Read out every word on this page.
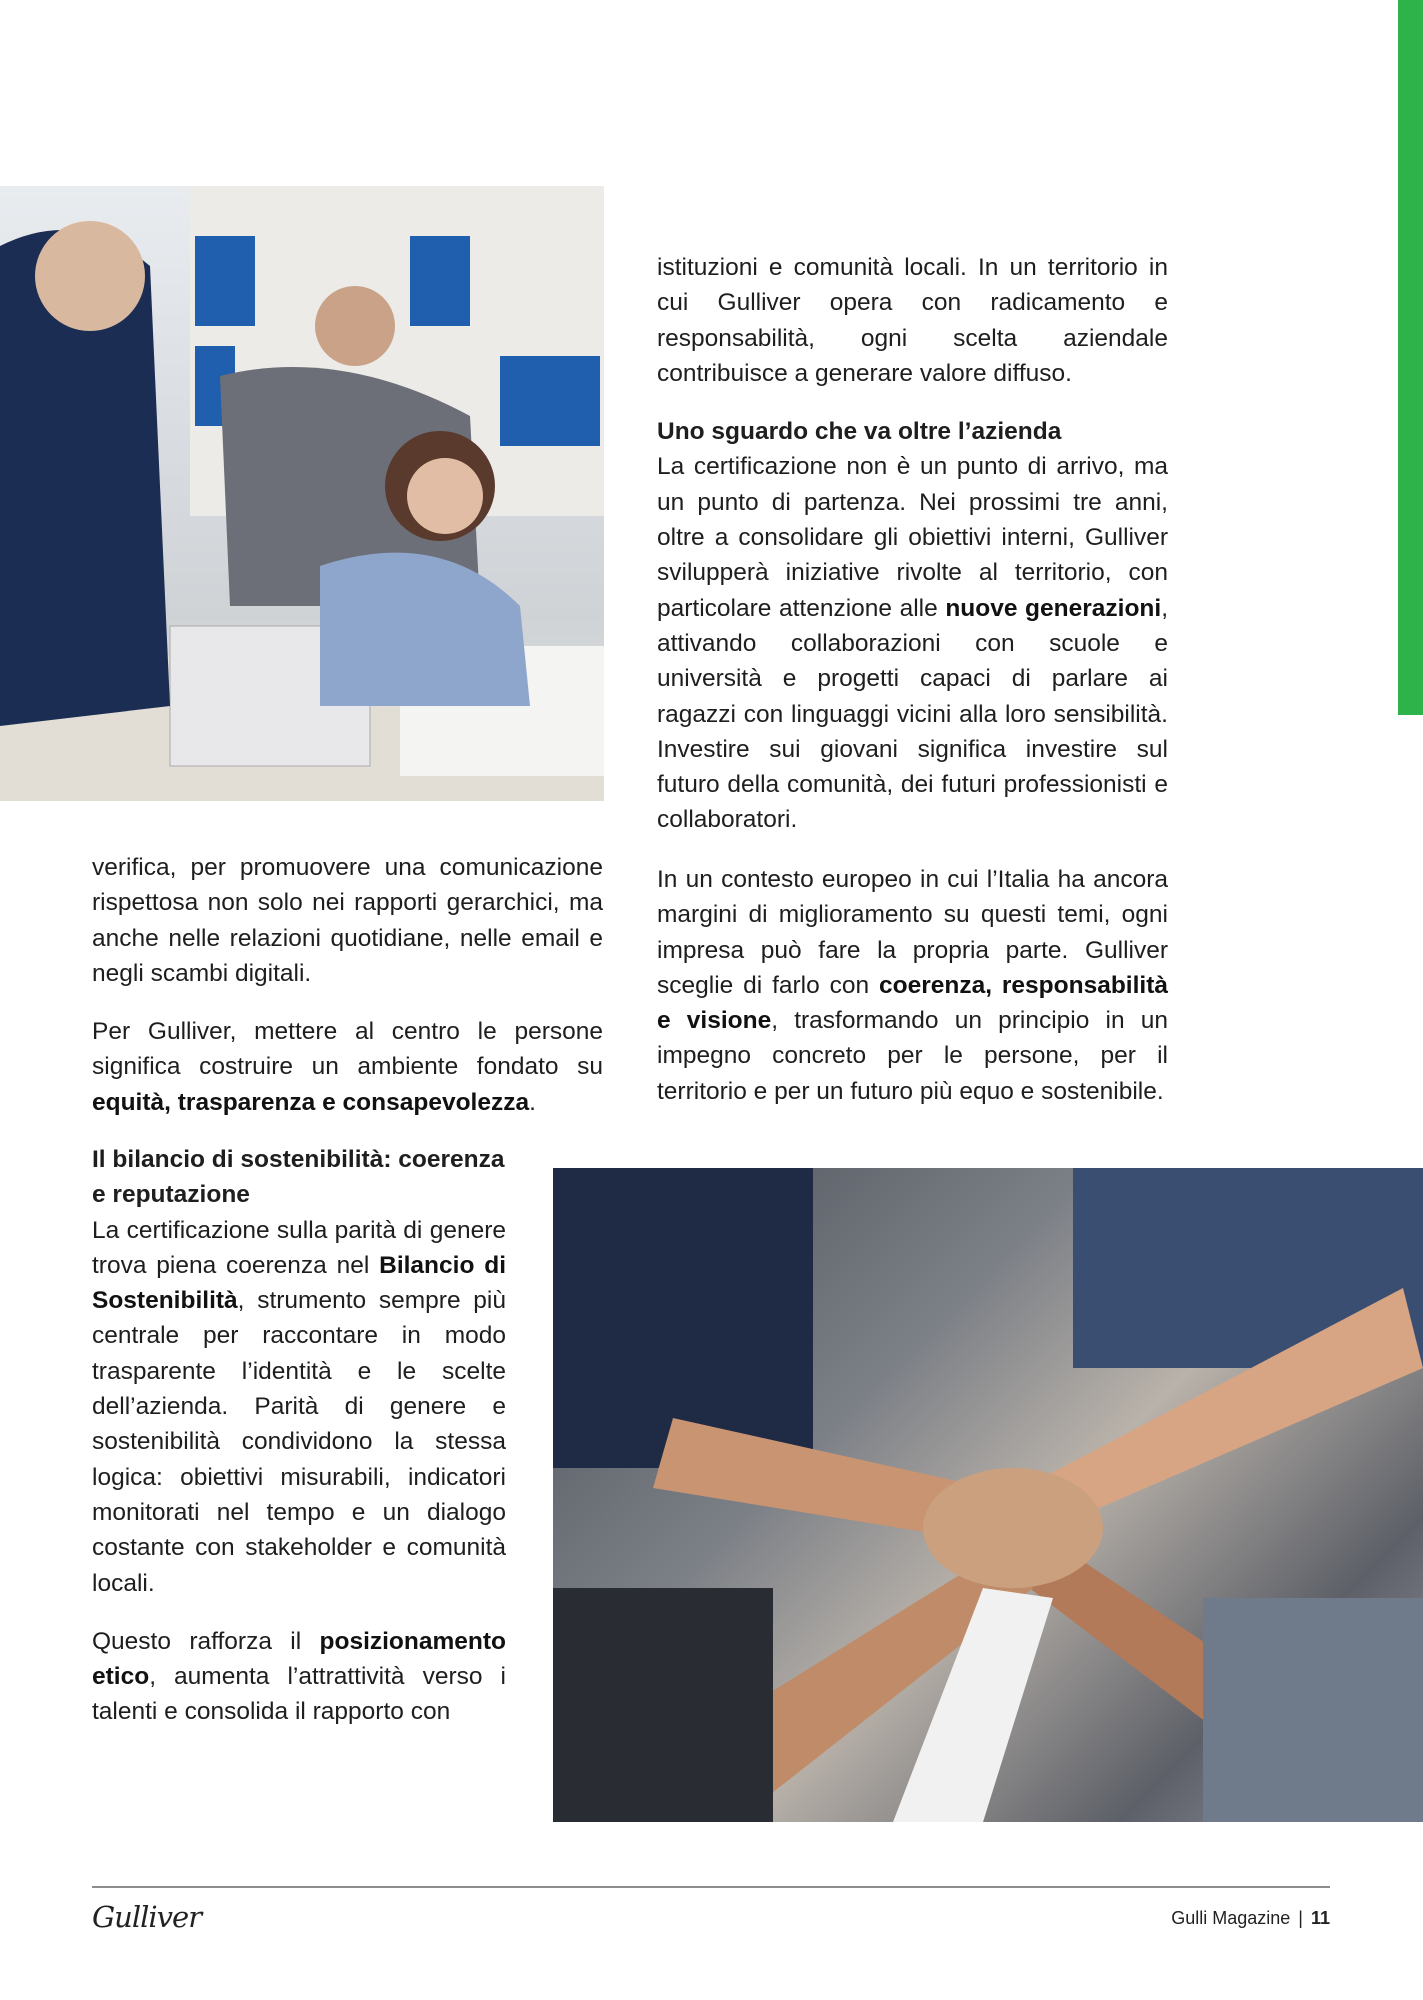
istituzioni e comunità locali. In un territorio in cui Gulliver opera con radicamento e responsabilità, ogni scelta aziendale contribuisce a generare valore diffuso.

Uno sguardo che va oltre l’azienda

La certificazione non è un punto di arrivo, ma un punto di partenza. Nei prossimi tre anni, oltre a consolidare gli obiettivi interni, Gulliver svilupperà iniziative rivolte al territorio, con particolare attenzione alle nuove generazioni, attivando collaborazioni con scuole e università e progetti capaci di parlare ai ragazzi con linguaggi vicini alla loro sensibilità. Investire sui giovani significa investire sul futuro della comunità, dei futuri professionisti e collaboratori.

In un contesto europeo in cui l’Italia ha ancora margini di miglioramento su questi temi, ogni impresa può fare la propria parte. Gulliver sceglie di farlo con coerenza, responsabilità e visione, trasformando un principio in un impegno concreto per le persone, per il territorio e per un futuro più equo e sostenibile.

verifica, per promuovere una comunicazione rispettosa non solo nei rapporti gerarchici, ma anche nelle relazioni quotidiane, nelle email e negli scambi digitali.

Per Gulliver, mettere al centro le persone significa costruire un ambiente fondato su equità, trasparenza e consapevolezza.

Il bilancio di sostenibilità: coerenza e reputazione

La certificazione sulla parità di genere trova piena coerenza nel Bilancio di Sostenibilità, strumento sempre più centrale per raccontare in modo trasparente l’identità e le scelte dell’azienda. Parità di genere e sostenibilità condividono la stessa logica: obiettivi misurabili, indicatori monitorati nel tempo e un dialogo costante con stakeholder e comunità locali.

Questo rafforza il posizionamento etico, aumenta l’attrattività verso i talenti e consolida il rapporto con

Gulliver	Gulli Magazine | 11
